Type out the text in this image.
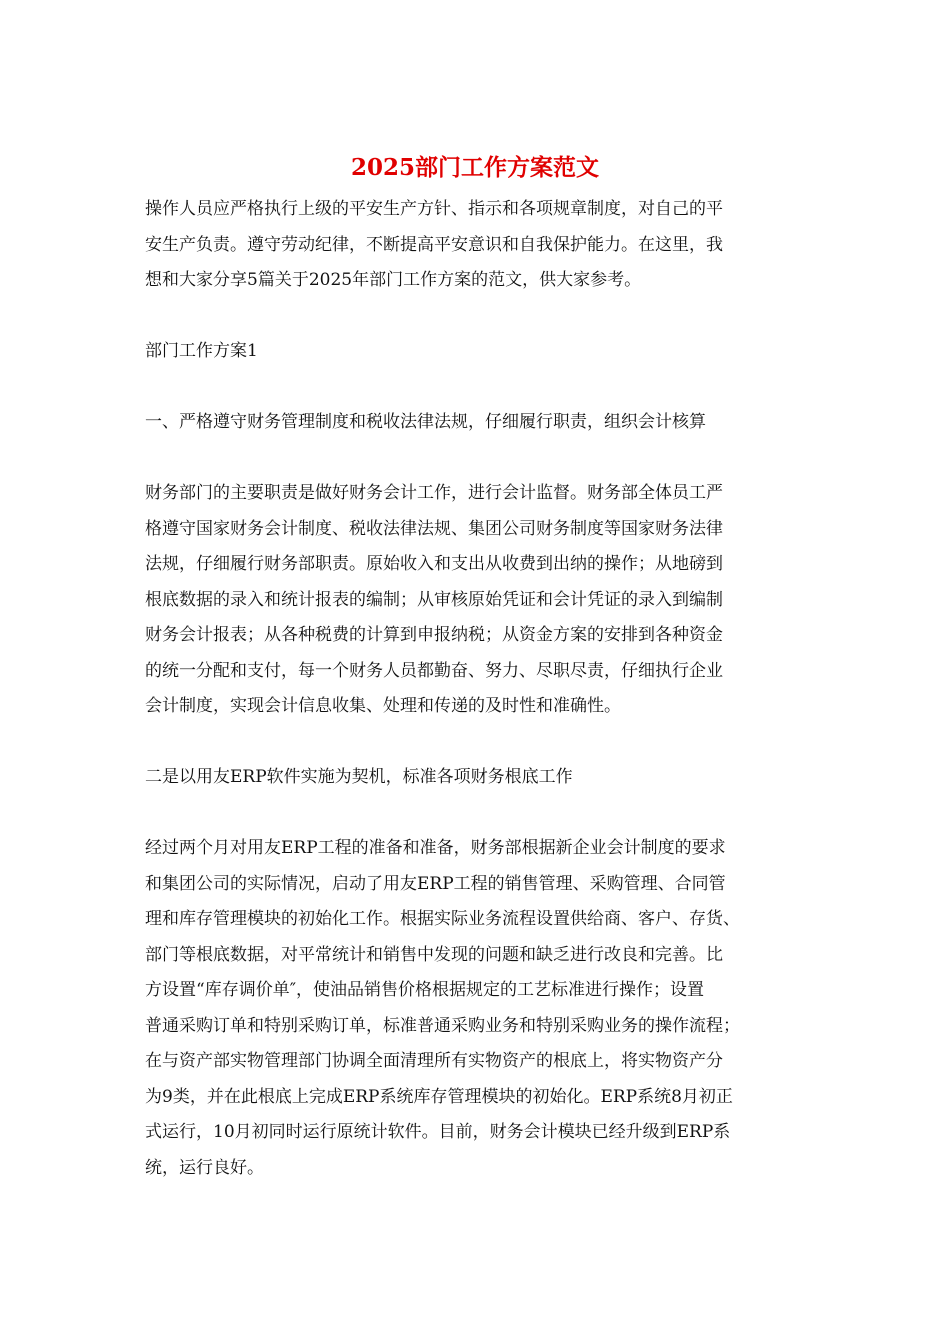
2025部门工作方案范文
操作人员应严格执行上级的平安生产方针、指示和各项规章制度，对自己的平
安生产负责。遵守劳动纪律，不断提高平安意识和自我保护能力。在这里，我
想和大家分享5篇关于2025年部门工作方案的范文，供大家参考。
部门工作方案1
一、严格遵守财务管理制度和税收法律法规，仔细履行职责，组织会计核算
财务部门的主要职责是做好财务会计工作，进行会计监督。财务部全体员工严
格遵守国家财务会计制度、税收法律法规、集团公司财务制度等国家财务法律
法规，仔细履行财务部职责。原始收入和支出从收费到出纳的操作；从地磅到
根底数据的录入和统计报表的编制；从审核原始凭证和会计凭证的录入到编制
财务会计报表；从各种税费的计算到申报纳税；从资金方案的安排到各种资金
的统一分配和支付，每一个财务人员都勤奋、努力、尽职尽责，仔细执行企业
会计制度，实现会计信息收集、处理和传递的及时性和准确性。
二是以用友ERP软件实施为契机，标准各项财务根底工作
经过两个月对用友ERP工程的准备和准备，财务部根据新企业会计制度的要求
和集团公司的实际情况，启动了用友ERP工程的销售管理、采购管理、合同管
理和库存管理模块的初始化工作。根据实际业务流程设置供给商、客户、存货、
部门等根底数据，对平常统计和销售中发现的问题和缺乏进行改良和完善。比
方设置“库存调价单″，使油品销售价格根据规定的工艺标准进行操作；设置
普通采购订单和特别采购订单，标准普通采购业务和特别采购业务的操作流程；
在与资产部实物管理部门协调全面清理所有实物资产的根底上，将实物资产分
为9类，并在此根底上完成ERP系统库存管理模块的初始化。ERP系统8月初正
式运行，10月初同时运行原统计软件。目前，财务会计模块已经升级到ERP系
统，运行良好。
